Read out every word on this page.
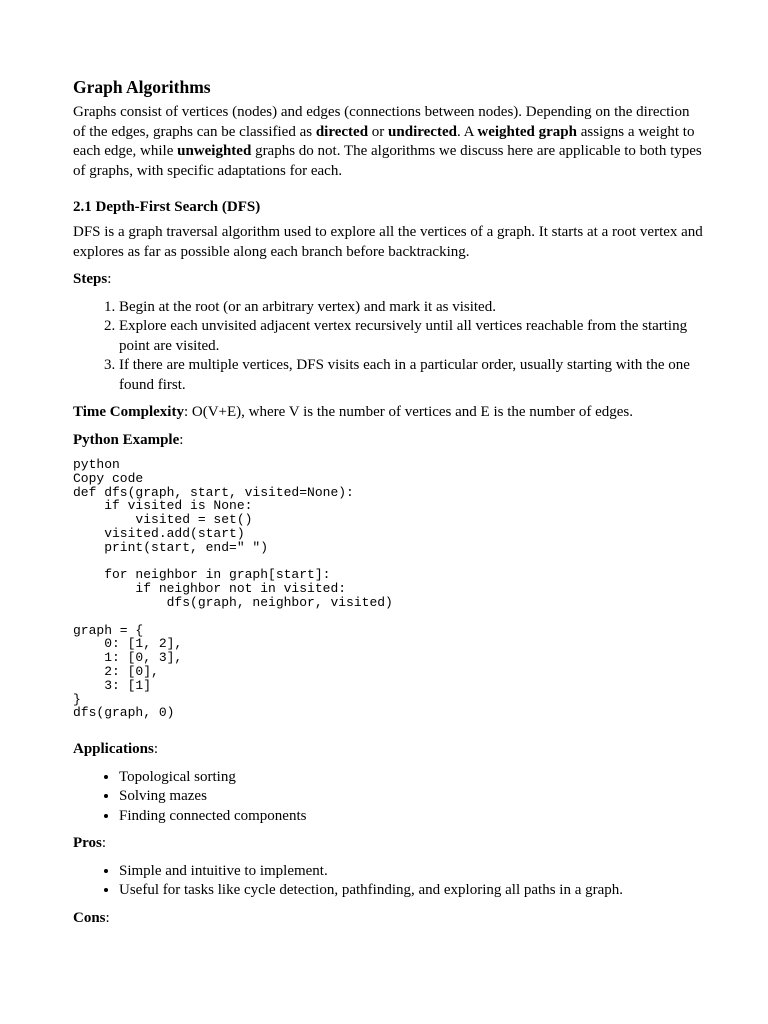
Graph Algorithms

Graphs consist of vertices (nodes) and edges (connections between nodes). Depending on the direction of the edges, graphs can be classified as directed or undirected. A weighted graph assigns a weight to each edge, while unweighted graphs do not. The algorithms we discuss here are applicable to both types of graphs, with specific adaptations for each.

2.1 Depth-First Search (DFS)

DFS is a graph traversal algorithm used to explore all the vertices of a graph. It starts at a root vertex and explores as far as possible along each branch before backtracking.

Steps:

1. Begin at the root (or an arbitrary vertex) and mark it as visited.
2. Explore each unvisited adjacent vertex recursively until all vertices reachable from the starting point are visited.
3. If there are multiple vertices, DFS visits each in a particular order, usually starting with the one found first.

Time Complexity: O(V+E), where V is the number of vertices and E is the number of edges.

Python Example:

python
Copy code
def dfs(graph, start, visited=None):
if visited is None:
visited = set()
visited.add(start)
print(start, end=" ")

for neighbor in graph[start]:
if neighbor not in visited:
dfs(graph, neighbor, visited)

graph = {
0: [1, 2],
1: [0, 3],
2: [0],
3: [1]
}
dfs(graph, 0)

Applications:

• Topological sorting
• Solving mazes
• Finding connected components

Pros:

• Simple and intuitive to implement.
• Useful for tasks like cycle detection, pathfinding, and exploring all paths in a graph.

Cons:
